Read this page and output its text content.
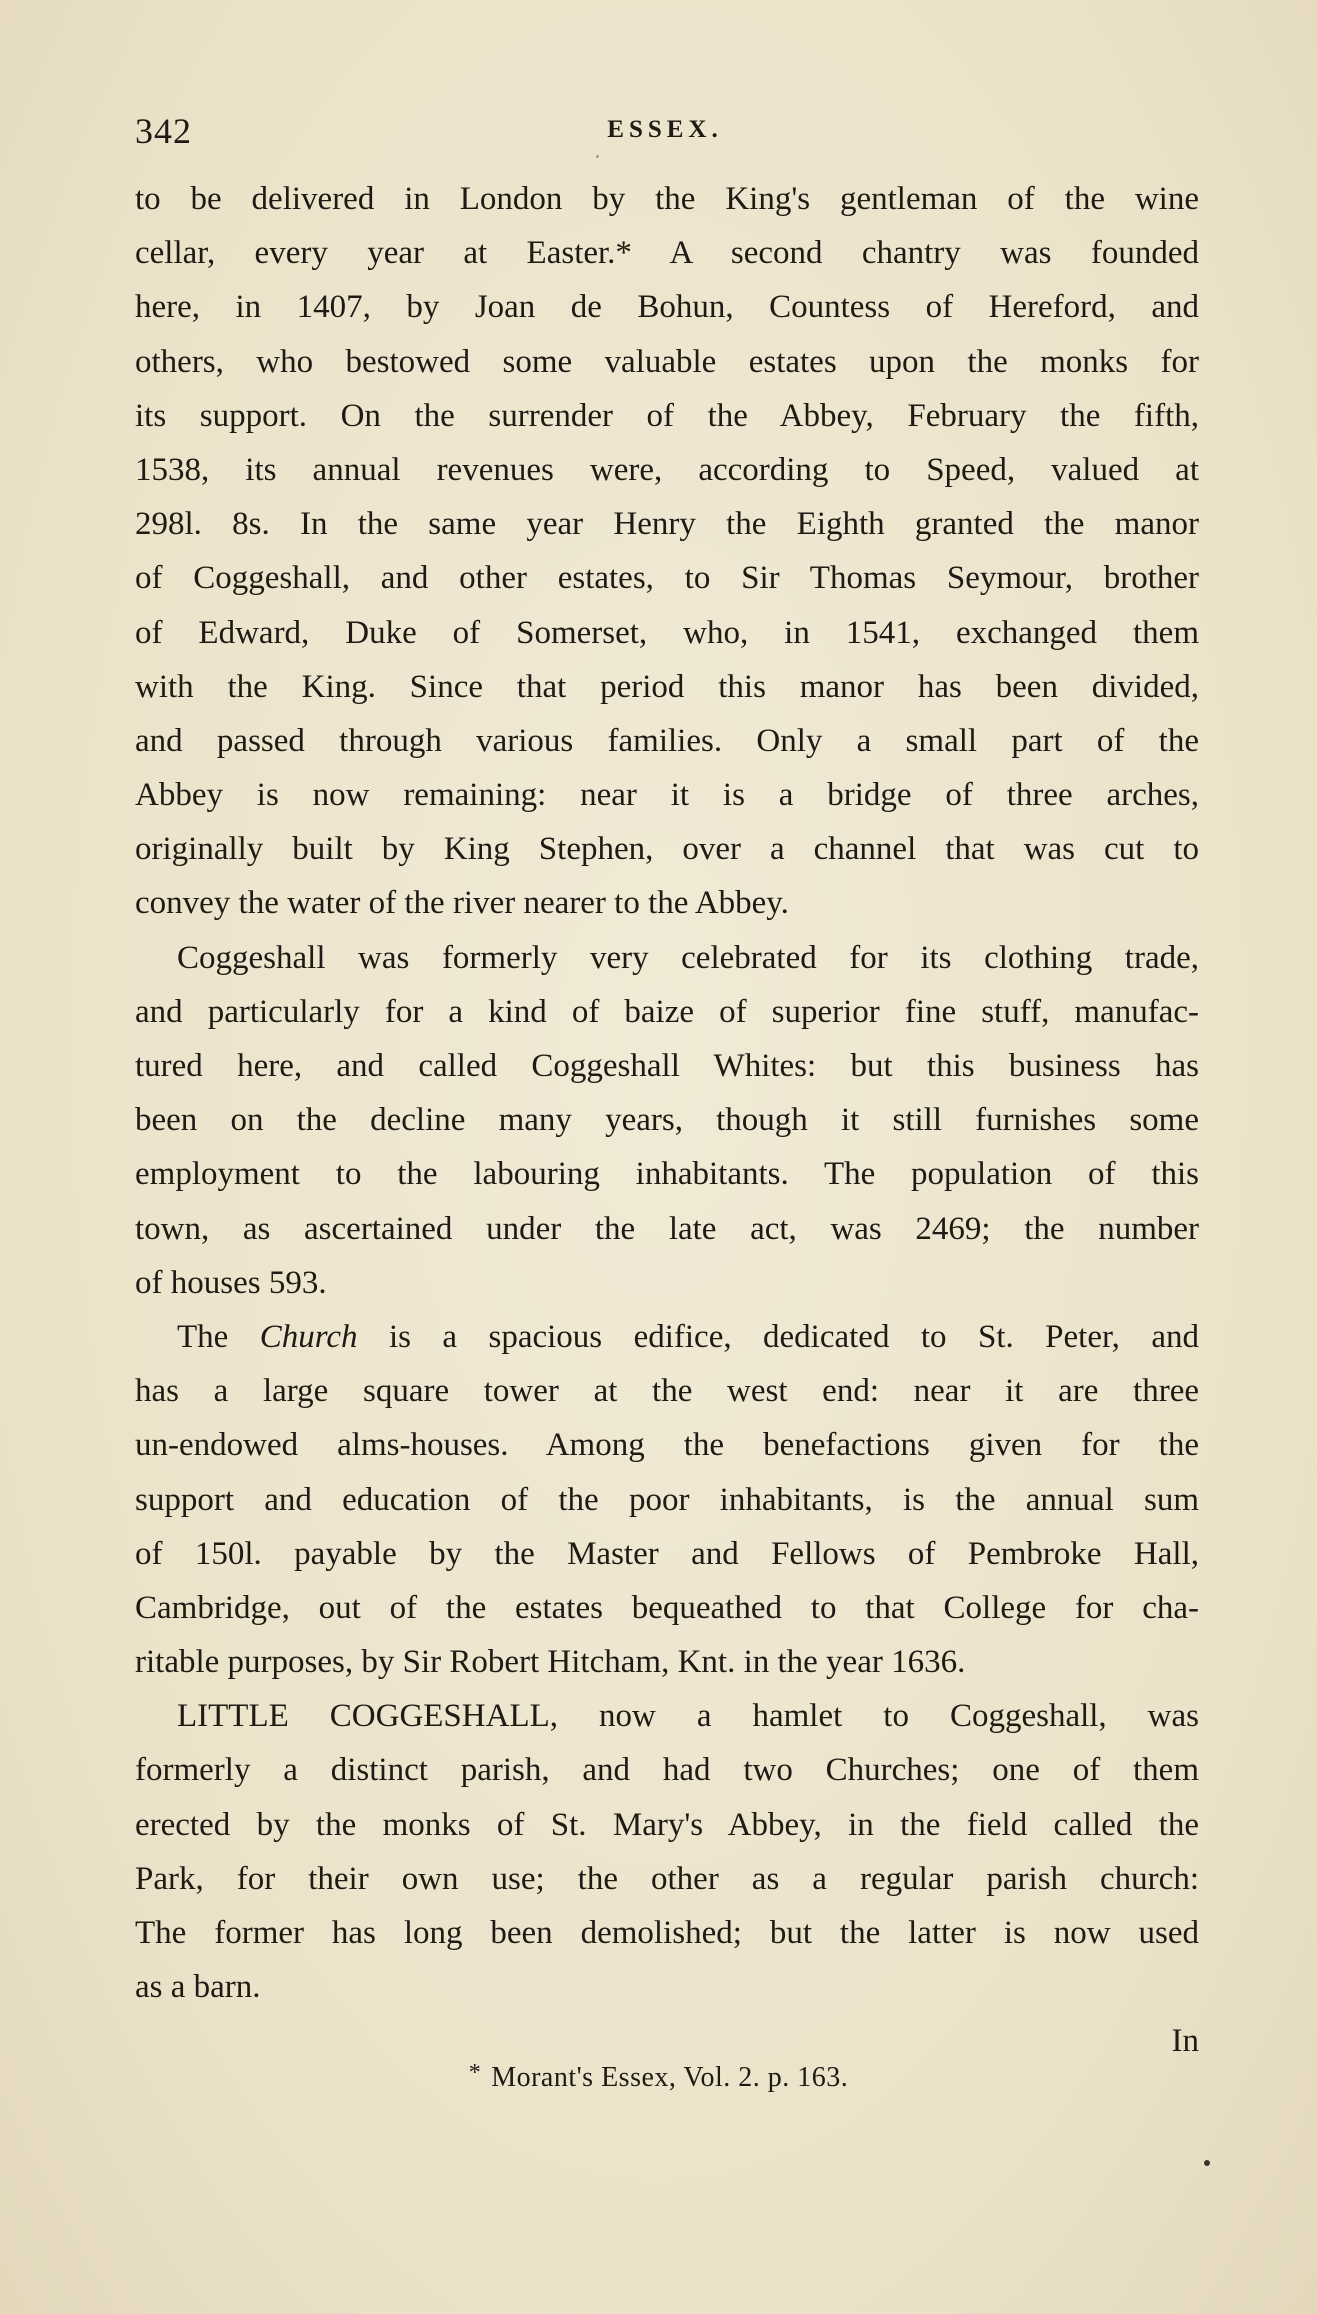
342	ESSEX.
to be delivered in London by the King's gentleman of the wine
cellar, every year at Easter.* A second chantry was founded
here, in 1407, by Joan de Bohun, Countess of Hereford, and
others, who bestowed some valuable estates upon the monks for
its support. On the surrender of the Abbey, February the fifth,
1538, its annual revenues were, according to Speed, valued at
298l. 8s. In the same year Henry the Eighth granted the manor
of Coggeshall, and other estates, to Sir Thomas Seymour, brother
of Edward, Duke of Somerset, who, in 1541, exchanged them
with the King. Since that period this manor has been divided,
and passed through various families. Only a small part of the
Abbey is now remaining: near it is a bridge of three arches,
originally built by King Stephen, over a channel that was cut to
convey the water of the river nearer to the Abbey.
Coggeshall was formerly very celebrated for its clothing trade,
and particularly for a kind of baize of superior fine stuff, manufac-
tured here, and called Coggeshall Whites: but this business has
been on the decline many years, though it still furnishes some
employment to the labouring inhabitants. The population of this
town, as ascertained under the late act, was 2469; the number
of houses 593.
The Church is a spacious edifice, dedicated to St. Peter, and
has a large square tower at the west end: near it are three
un-endowed alms-houses. Among the benefactions given for the
support and education of the poor inhabitants, is the annual sum
of 150l. payable by the Master and Fellows of Pembroke Hall,
Cambridge, out of the estates bequeathed to that College for cha-
ritable purposes, by Sir Robert Hitcham, Knt. in the year 1636.
LITTLE COGGESHALL, now a hamlet to Coggeshall, was
formerly a distinct parish, and had two Churches; one of them
erected by the monks of St. Mary's Abbey, in the field called the
Park, for their own use; the other as a regular parish church:
The former has long been demolished; but the latter is now used
as a barn.
In
* Morant's Essex, Vol. 2. p. 163.
